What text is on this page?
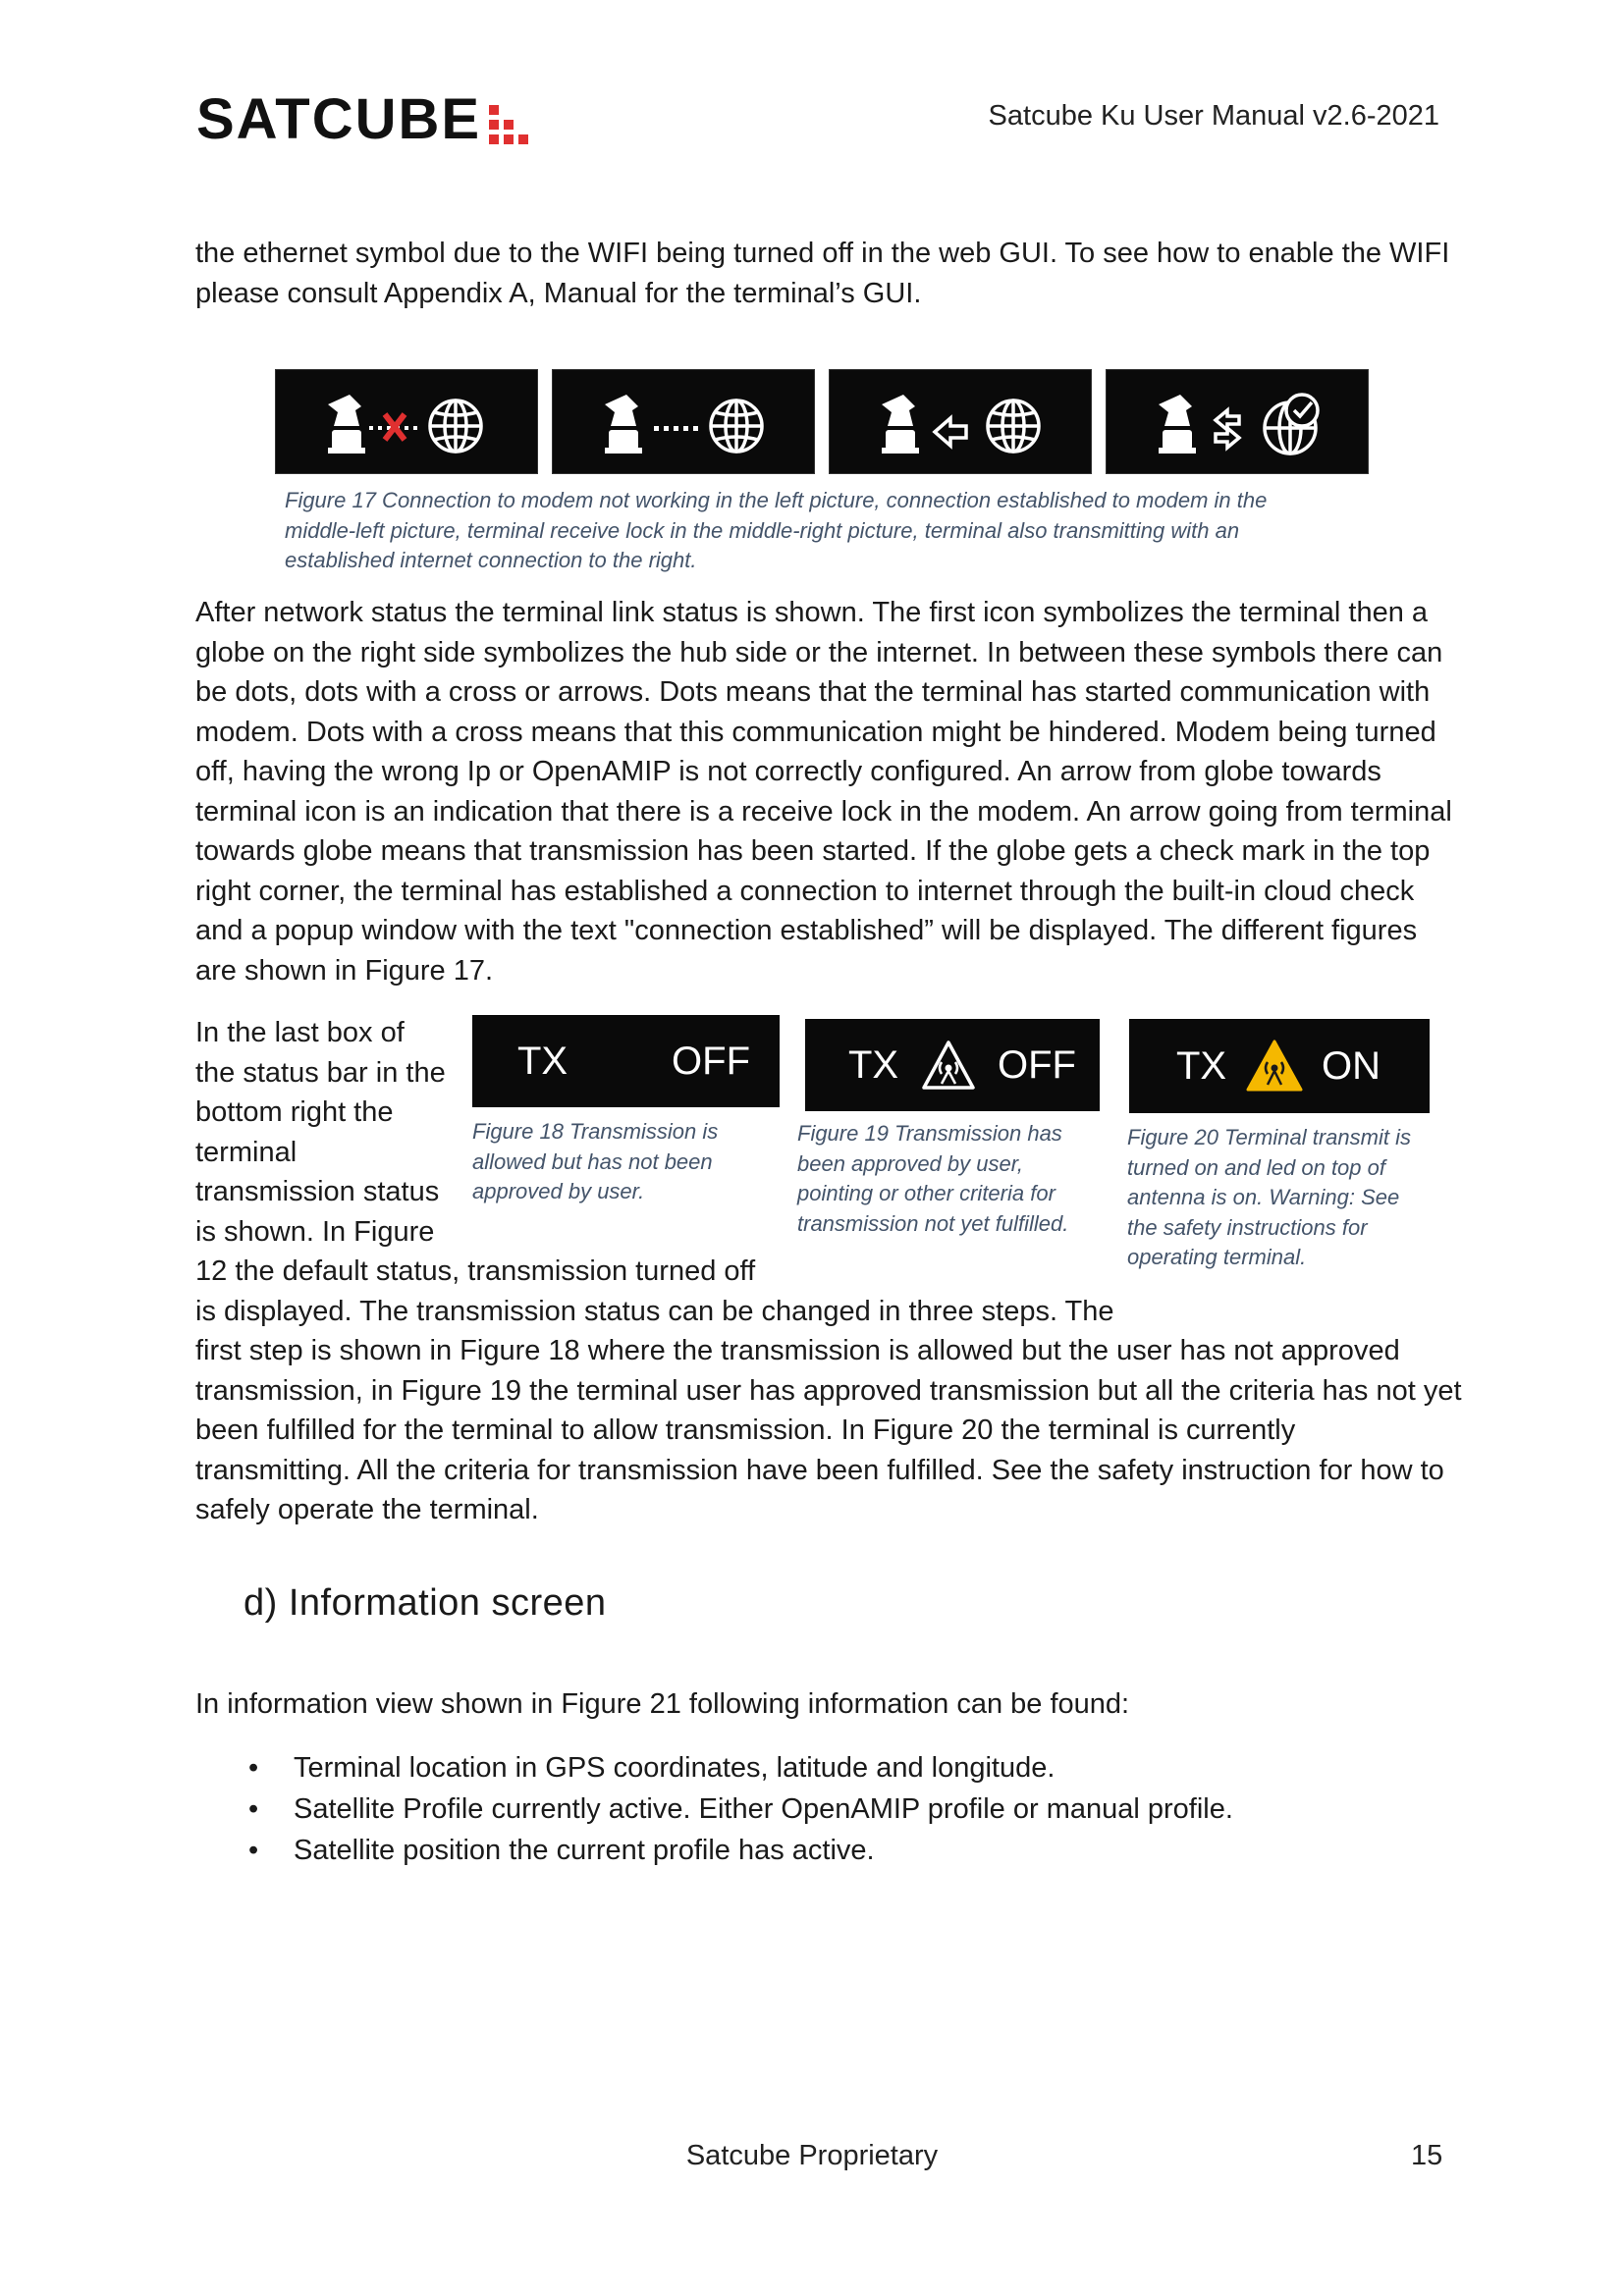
SATCUBE	Satcube Ku User Manual v2.6-2021
the ethernet symbol due to the WIFI being turned off in the web GUI. To see how to enable the WIFI
please consult Appendix A, Manual for the terminal’s GUI.
Figure 17 Connection to modem not working in the left picture, connection established to modem in the
middle-left picture, terminal receive lock in the middle-right picture, terminal also transmitting with an
established internet connection to the right.
After network status the terminal link status is shown. The first icon symbolizes the terminal then a
globe on the right side symbolizes the hub side or the internet. In between these symbols there can
be dots, dots with a cross or arrows. Dots means that the terminal has started communication with
modem. Dots with a cross means that this communication might be hindered. Modem being turned
off, having the wrong Ip or OpenAMIP is not correctly configured. An arrow from globe towards
terminal icon is an indication that there is a receive lock in the modem. An arrow going from terminal
towards globe means that transmission has been started. If the globe gets a check mark in the top
right corner, the terminal has established a connection to internet through the built-in cloud check
and a popup window with the text "connection established” will be displayed. The different figures
are shown in Figure 17.
In the last box of
the status bar in the
bottom right the
terminal
transmission status
is shown. In Figure
TX	OFF
Figure 18 Transmission is
allowed but has not been
approved by user.
TX	OFF
Figure 19 Transmission has
been approved by user,
pointing or other criteria for
transmission not yet fulfilled.
TX ON
Figure 20 Terminal transmit is
turned on and led on top of
antenna is on. Warning: See
the safety instructions for
operating terminal.
12 the default status, transmission turned off
is displayed. The transmission status can be changed in three steps. The
first step is shown in Figure 18 where the transmission is allowed but the user has not approved
transmission, in Figure 19 the terminal user has approved transmission but all the criteria has not yet
been fulfilled for the terminal to allow transmission. In Figure 20 the terminal is currently
transmitting. All the criteria for transmission have been fulfilled. See the safety instruction for how to
safely operate the terminal.
d) Information screen
In information view shown in Figure 21 following information can be found:
• Terminal location in GPS coordinates, latitude and longitude.
• Satellite Profile currently active. Either OpenAMIP profile or manual profile.
• Satellite position the current profile has active.
Satcube Proprietary	15
